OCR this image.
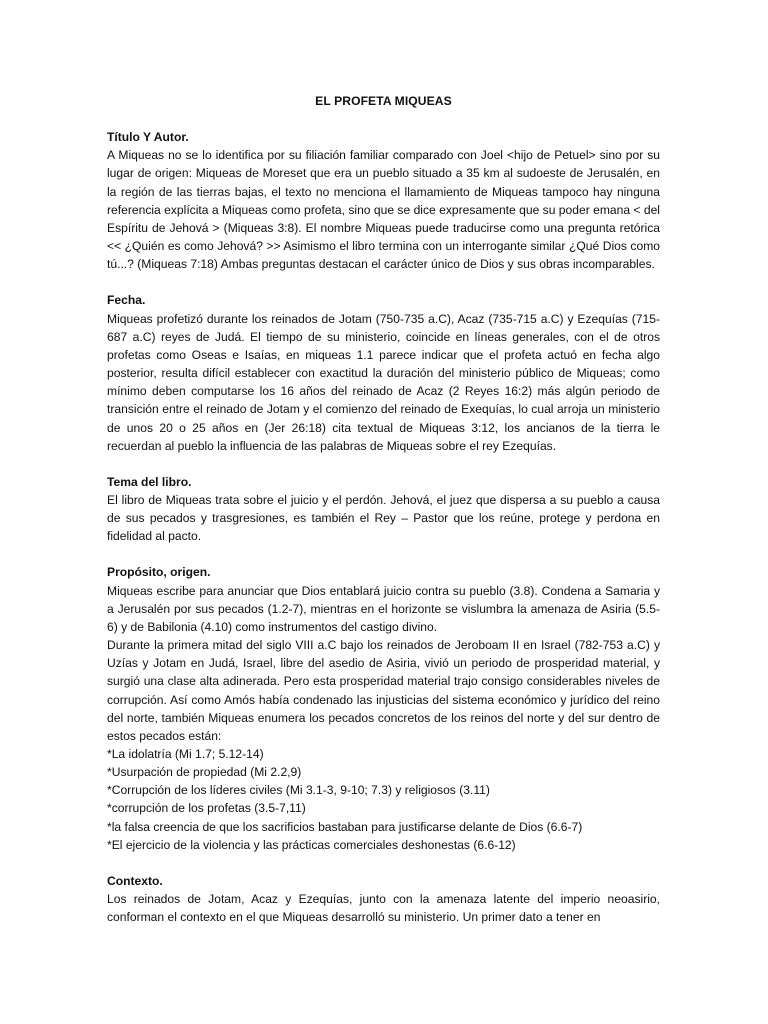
EL PROFETA MIQUEAS

Título Y Autor.

A Miqueas no se lo identifica por su filiación familiar comparado con Joel <hijo de Petuel> sino por su lugar de origen: Miqueas de Moreset que era un pueblo situado a 35 km al sudoeste de Jerusalén, en la región de las tierras bajas, el texto no menciona el llamamiento de Miqueas tampoco hay ninguna referencia explícita a Miqueas como profeta, sino que se dice expresamente que su poder emana < del Espíritu de Jehová > (Miqueas 3:8). El nombre Miqueas puede traducirse como una pregunta retórica << ¿Quién es como Jehová? >> Asimismo el libro termina con un interrogante similar ¿Qué Dios como tú...? (Miqueas 7:18) Ambas preguntas destacan el carácter único de Dios y sus obras incomparables.

Fecha.

Miqueas profetizó durante los reinados de Jotam (750-735 a.C), Acaz (735-715 a.C) y Ezequías (715-687 a.C) reyes de Judá. El tiempo de su ministerio, coincide en líneas generales, con el de otros profetas como Oseas e Isaías, en miqueas 1.1 parece indicar que el profeta actuó en fecha algo posterior, resulta difícil establecer con exactitud la duración del ministerio público de Miqueas; como mínimo deben computarse los 16 años del reinado de Acaz (2 Reyes 16:2) más algún periodo de transición entre el reinado de Jotam y el comienzo del reinado de Exequías, lo cual arroja un ministerio de unos 20 o 25 años en (Jer 26:18) cita textual de Miqueas 3:12, los ancianos de la tierra le recuerdan al pueblo la influencia de las palabras de Miqueas sobre el rey Ezequías.

Tema del libro.

El libro de Miqueas trata sobre el juicio y el perdón. Jehová, el juez que dispersa a su pueblo a causa de sus pecados y trasgresiones, es también el Rey – Pastor que los reúne, protege y perdona en fidelidad al pacto.

Propósito, origen.

Miqueas escribe para anunciar que Dios entablará juicio contra su pueblo (3.8). Condena a Samaria y a Jerusalén por sus pecados (1.2-7), mientras en el horizonte se vislumbra la amenaza de Asiria (5.5-6) y de Babilonia (4.10) como instrumentos del castigo divino.

Durante la primera mitad del siglo VIII a.C bajo los reinados de Jeroboam II en Israel (782-753 a.C) y Uzías y Jotam en Judá, Israel, libre del asedio de Asiria, vivió un periodo de prosperidad material, y surgió una clase alta adinerada. Pero esta prosperidad material trajo consigo considerables niveles de corrupción. Así como Amós había condenado las injusticias del sistema económico y jurídico del reino del norte, también Miqueas enumera los pecados concretos de los reinos del norte y del sur dentro de estos pecados están:

*La idolatría (Mi 1.7; 5.12-14)

*Usurpación de propiedad (Mi 2.2,9)

*Corrupción de los líderes civiles (Mi 3.1-3, 9-10; 7.3) y religiosos (3.11)

*corrupción de los profetas (3.5-7,11)

*la falsa creencia de que los sacrificios bastaban para justificarse delante de Dios (6.6-7)

*El ejercicio de la violencia y las prácticas comerciales deshonestas (6.6-12)

Contexto.

Los reinados de Jotam, Acaz y Ezequías, junto con la amenaza latente del imperio neoasirio, conforman el contexto en el que Miqueas desarrolló su ministerio. Un primer dato a tener en
